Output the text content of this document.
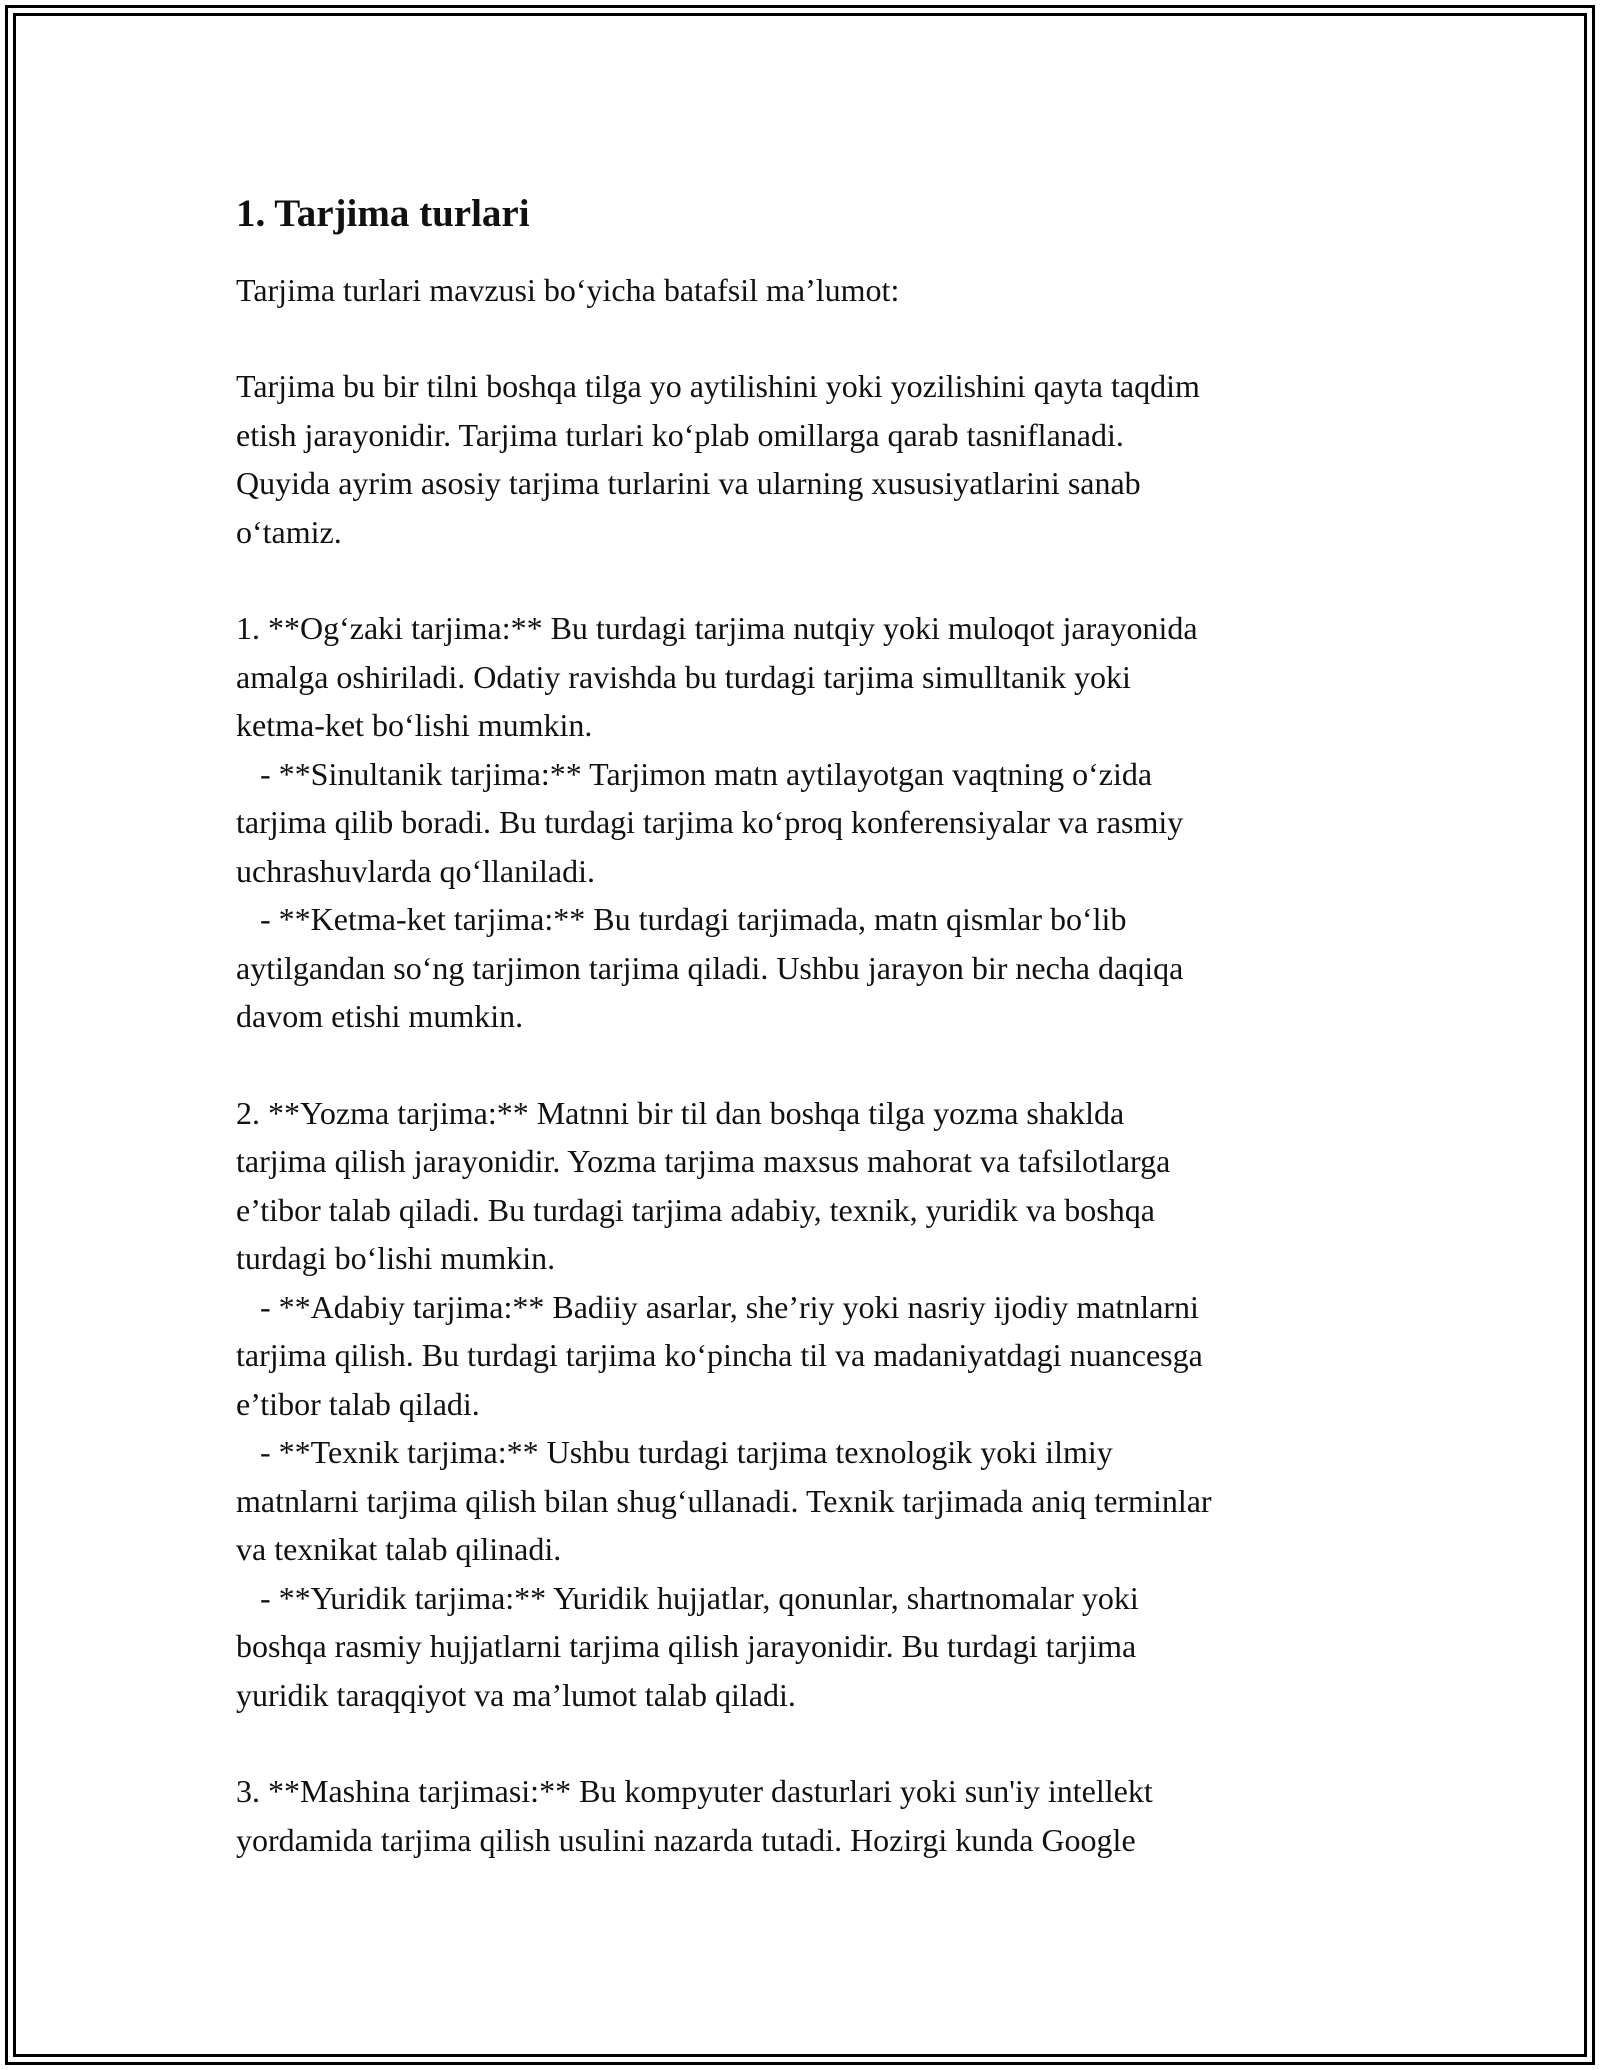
1. Tarjima turlari

Tarjima turlari mavzusi bo‘yicha batafsil ma’lumot:

Tarjima bu bir tilni boshqa tilga yo aytilishini yoki yozilishini qayta taqdim
etish jarayonidir. Tarjima turlari ko‘plab omillarga qarab tasniflanadi.
Quyida ayrim asosiy tarjima turlarini va ularning xususiyatlarini sanab
o‘tamiz.

1. **Og‘zaki tarjima:** Bu turdagi tarjima nutqiy yoki muloqot jarayonida
amalga oshiriladi. Odatiy ravishda bu turdagi tarjima simulltanik yoki
ketma-ket bo‘lishi mumkin.
- **Sinultanik tarjima:** Tarjimon matn aytilayotgan vaqtning o‘zida
tarjima qilib boradi. Bu turdagi tarjima ko‘proq konferensiyalar va rasmiy
uchrashuvlarda qo‘llaniladi.
- **Ketma-ket tarjima:** Bu turdagi tarjimada, matn qismlar bo‘lib
aytilgandan so‘ng tarjimon tarjima qiladi. Ushbu jarayon bir necha daqiqa
davom etishi mumkin.

2. **Yozma tarjima:** Matnni bir til dan boshqa tilga yozma shaklda
tarjima qilish jarayonidir. Yozma tarjima maxsus mahorat va tafsilotlarga
e’tibor talab qiladi. Bu turdagi tarjima adabiy, texnik, yuridik va boshqa
turdagi bo‘lishi mumkin.
- **Adabiy tarjima:** Badiiy asarlar, she’riy yoki nasriy ijodiy matnlarni
tarjima qilish. Bu turdagi tarjima ko‘pincha til va madaniyatdagi nuancesga
e’tibor talab qiladi.
- **Texnik tarjima:** Ushbu turdagi tarjima texnologik yoki ilmiy
matnlarni tarjima qilish bilan shug‘ullanadi. Texnik tarjimada aniq terminlar
va texnikat talab qilinadi.
- **Yuridik tarjima:** Yuridik hujjatlar, qonunlar, shartnomalar yoki
boshqa rasmiy hujjatlarni tarjima qilish jarayonidir. Bu turdagi tarjima
yuridik taraqqiyot va ma’lumot talab qiladi.

3. **Mashina tarjimasi:** Bu kompyuter dasturlari yoki sun'iy intellekt
yordamida tarjima qilish usulini nazarda tutadi. Hozirgi kunda Google
